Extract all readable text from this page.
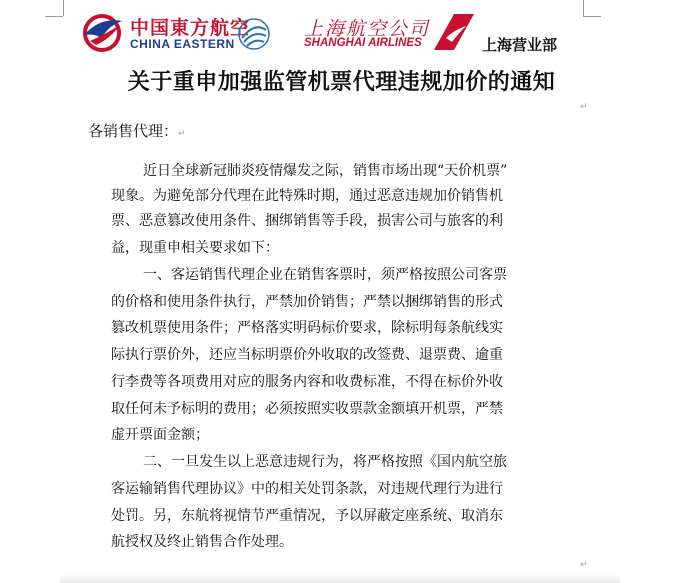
中国東方航空
CHINA EASTERN
上海航空公司
SHANGHAI AIRLINES	上海营业部
关于重申加强监管机票代理违规加价的通知
↵
各销售代理：↵
近日全球新冠肺炎疫情爆发之际，销售市场出现“天价机票”
现象。为避免部分代理在此特殊时期，通过恶意违规加价销售机
票、恶意篡改使用条件、捆绑销售等手段，损害公司与旅客的利
益，现重申相关要求如下：
一、客运销售代理企业在销售客票时，须严格按照公司客票
的价格和使用条件执行，严禁加价销售；严禁以捆绑销售的形式
篡改机票使用条件；严格落实明码标价要求，除标明每条航线实
际执行票价外，还应当标明票价外收取的改签费、退票费、逾重
行李费等各项费用对应的服务内容和收费标准，不得在标价外收
取任何未予标明的费用；必须按照实收票款金额填开机票，严禁
虚开票面金额；
二、一旦发生以上恶意违规行为，将严格按照《国内航空旅
客运输销售代理协议》中的相关处罚条款，对违规代理行为进行
处罚。另，东航将视情节严重情况，予以屏蔽定座系统、取消东
航授权及终止销售合作处理。
↵
